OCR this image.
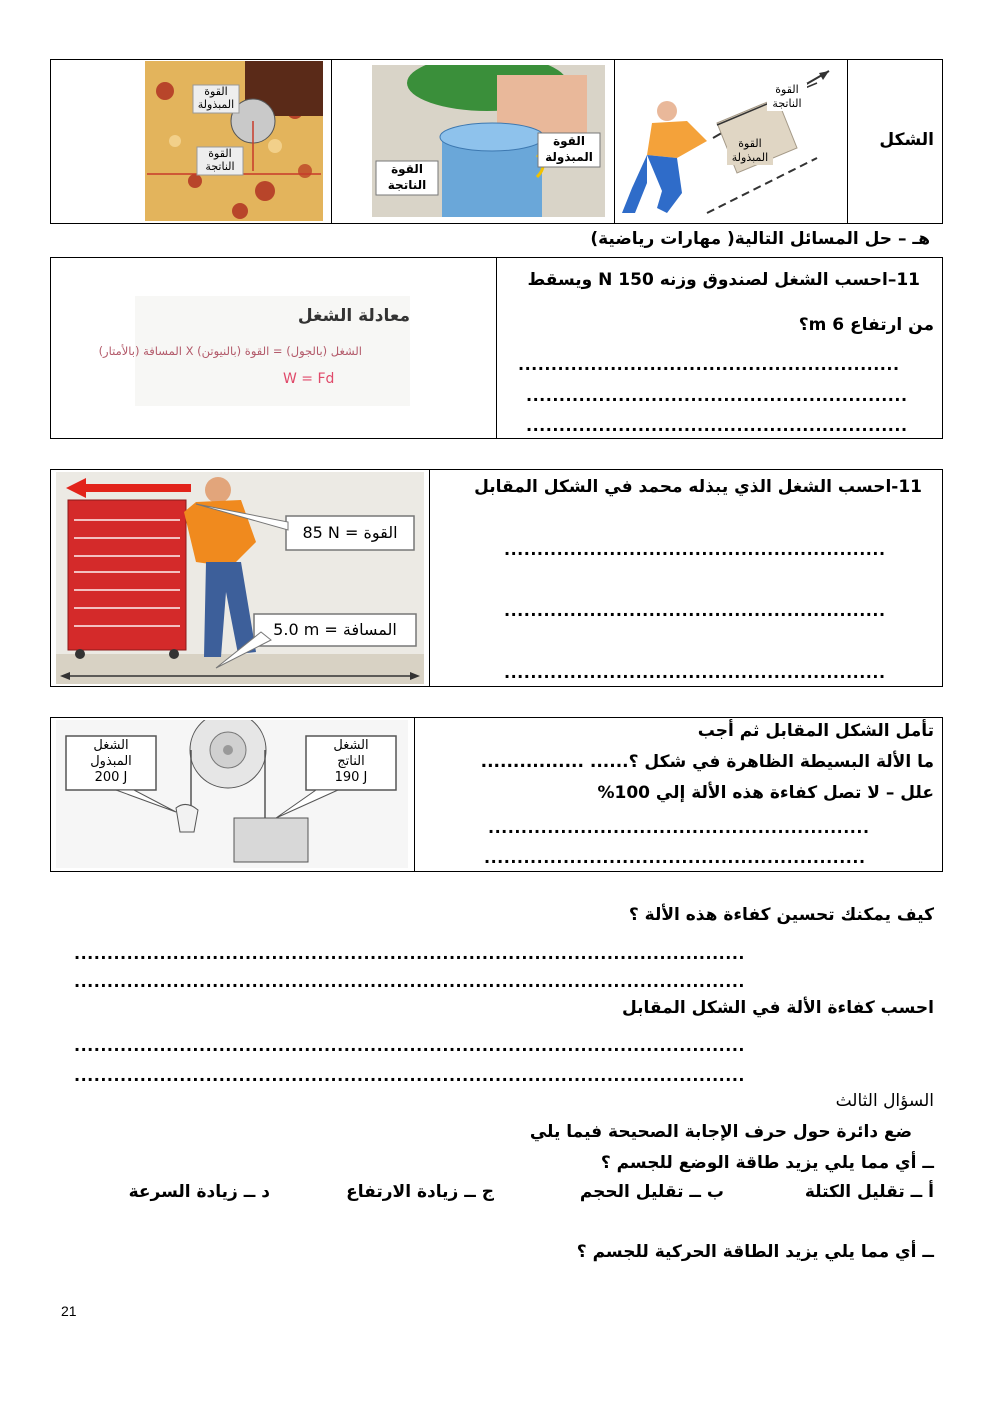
الشكل
القوة المبذولة
القوة الناتجة
القوة المبذولة
القوة الناتجة
القوة الناتجة
القوة المبذولة
هـ – حل المسائل التالية( مهارات رياضية)
11–احسب الشغل لصندوق وزنه 150 N ويسقط
من ارتفاع 6 m؟
..........................................................
..........................................................
..........................................................
معادلة الشغل
الشغل (بالجول) = القوة (بالنيوتن) X المسافة (بالأمتار)
W = Fd
11-احسب الشغل الذي يبذله محمد في الشكل المقابل
..........................................................
..........................................................
..........................................................
85 N = القوة
5.0 m = المسافة
تأمل الشكل المقابل ثم أجب
ما الألة البسيطة الظاهرة في شكل ؟...... ................
علل – لا تصل كفاءة هذه الألة إلي 100%
..........................................................
..........................................................
الشغل
المبذول
200 J
الشغل
الناتج
190 J
كيف يمكنك تحسين كفاءة هذه الألة ؟
......................................................................................................
......................................................................................................
احسب كفاءة الألة في الشكل المقابل
......................................................................................................
......................................................................................................
السؤال الثالث
ضع دائرة حول حرف الإجابة الصحيحة فيما يلي
ــ أي مما يلي يزيد طاقة الوضع للجسم ؟
أ ــ تقليل الكتلة
ب ــ تقليل الحجم
ج ــ زيادة الارتفاع
د ــ زيادة السرعة
ــ أي مما يلي يزيد الطاقة الحركية للجسم ؟
21
